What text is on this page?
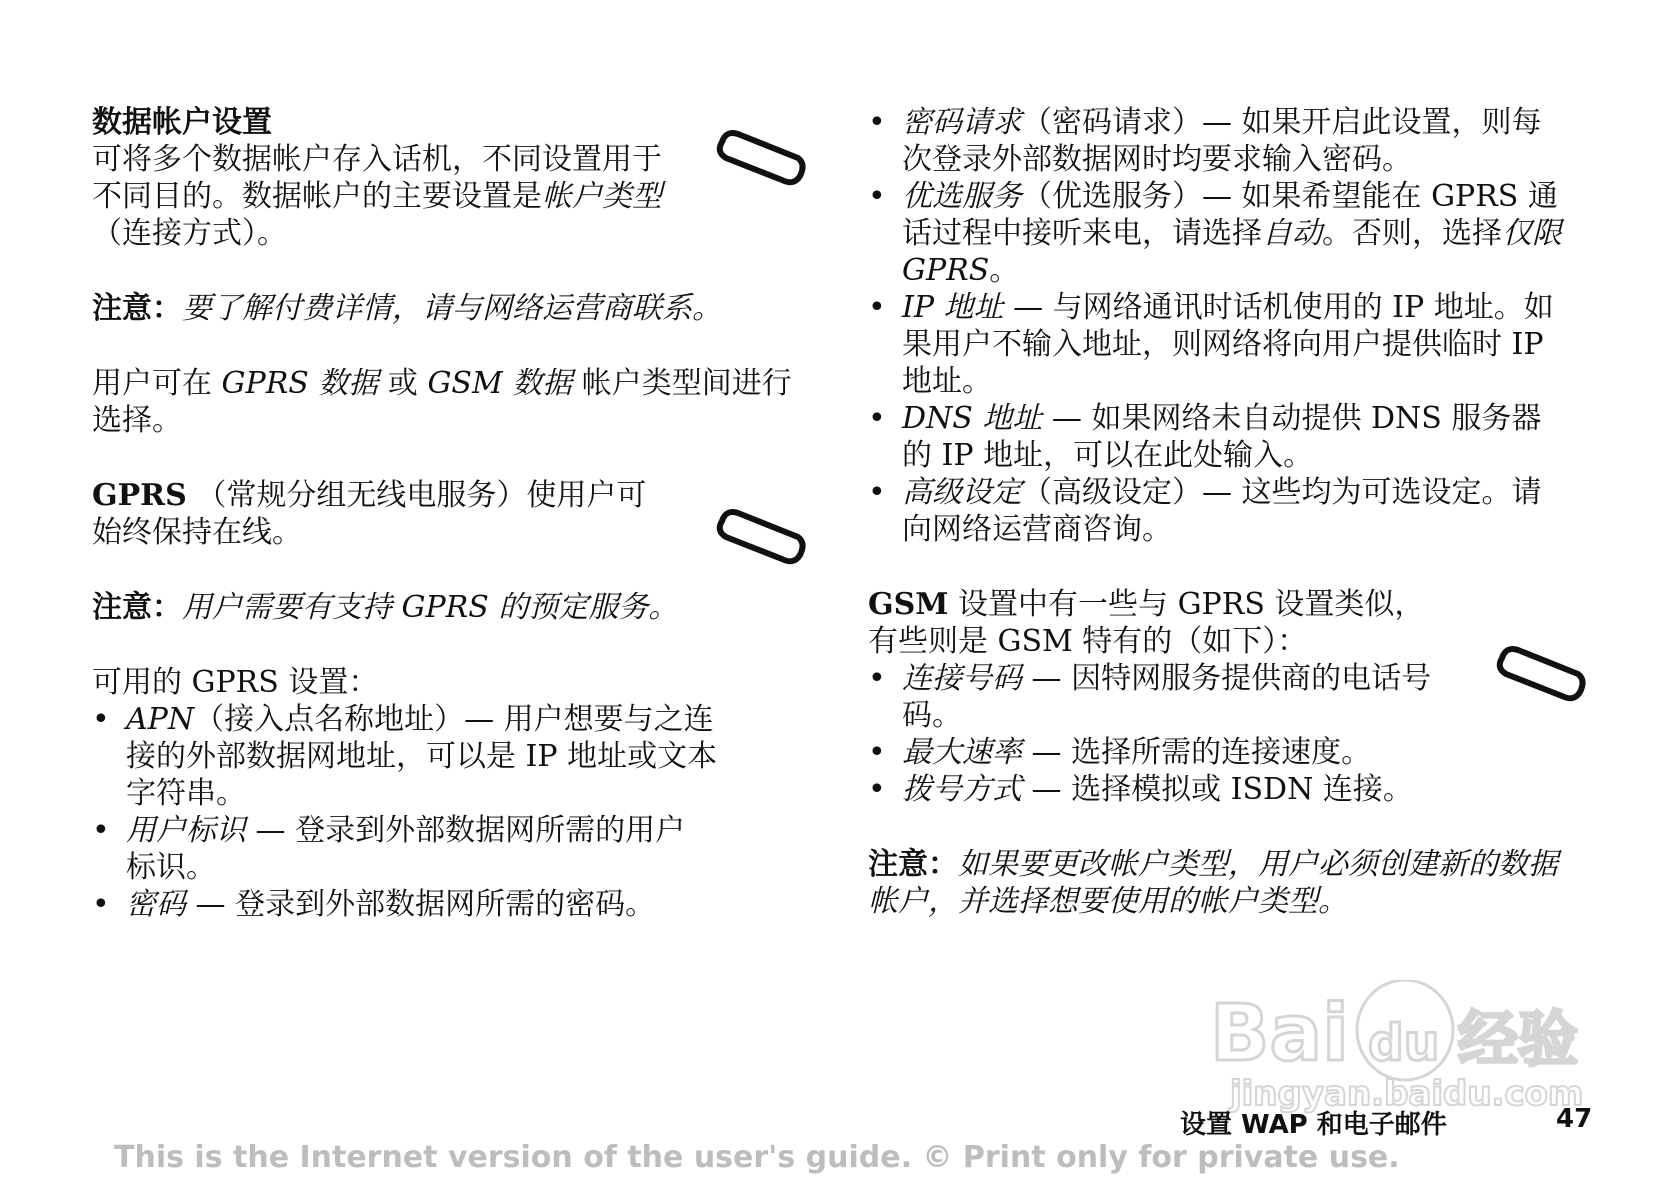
数据帐户设置
可将多个数据帐户存入话机，不同设置用于不同目的。数据帐户的主要设置是帐户类型（连接方式）。
注意：要了解付费详情，请与网络运营商联系。
用户可在 GPRS 数据 或 GSM 数据 帐户类型间进行选择。
GPRS （常规分组无线电服务）使用户可始终保持在线。
注意：用户需要有支持 GPRS 的预定服务。
可用的 GPRS 设置：
• APN（接入点名称地址）— 用户想要与之连接的外部数据网地址，可以是 IP 地址或文本字符串。
• 用户标识 — 登录到外部数据网所需的用户标识。
• 密码 — 登录到外部数据网所需的密码。
• 密码请求（密码请求）— 如果开启此设置，则每次登录外部数据网时均要求输入密码。
• 优选服务（优选服务）— 如果希望能在 GPRS 通话过程中接听来电，请选择自动。否则，选择仅限 GPRS。
• IP 地址 — 与网络通讯时话机使用的 IP 地址。如果用户不输入地址，则网络将向用户提供临时 IP 地址。
• DNS 地址 — 如果网络未自动提供 DNS 服务器的 IP 地址，可以在此处输入。
• 高级设定（高级设定）— 这些均为可选设定。请向网络运营商咨询。
GSM 设置中有一些与 GPRS 设置类似，有些则是 GSM 特有的（如下）：
• 连接号码 — 因特网服务提供商的电话号码。
• 最大速率 — 选择所需的连接速度。
• 拨号方式 — 选择模拟或 ISDN 连接。
注意：如果要更改帐户类型，用户必须创建新的数据帐户，并选择想要使用的帐户类型。
Bai du 经验
jingyan.baidu.com
设置 WAP 和电子邮件	47
This is the Internet version of the user's guide. © Print only for private use.
